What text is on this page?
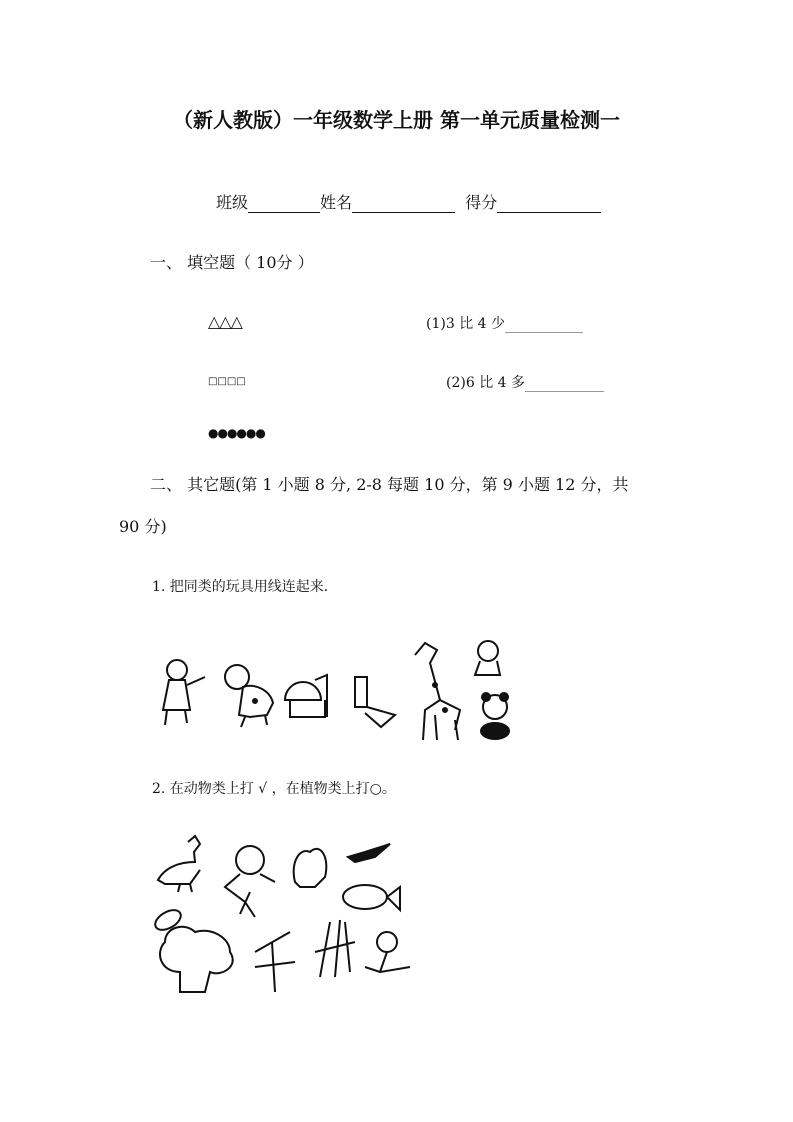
（新人教版）一年级数学上册 第一单元质量检测一
班级	姓名	得分
一、 填空题（ 10分 ）
△△△
□□□□
●●●●●●
(1)3 比 4 少
(2)6 比 4 多
二、 其它题(第 1 小题 8 分, 2-8 每题 10 分，第 9 小题 12 分，共
90 分)
1. 把同类的玩具用线连起来．
2. 在动物类上打 √ ，在植物类上打○。
